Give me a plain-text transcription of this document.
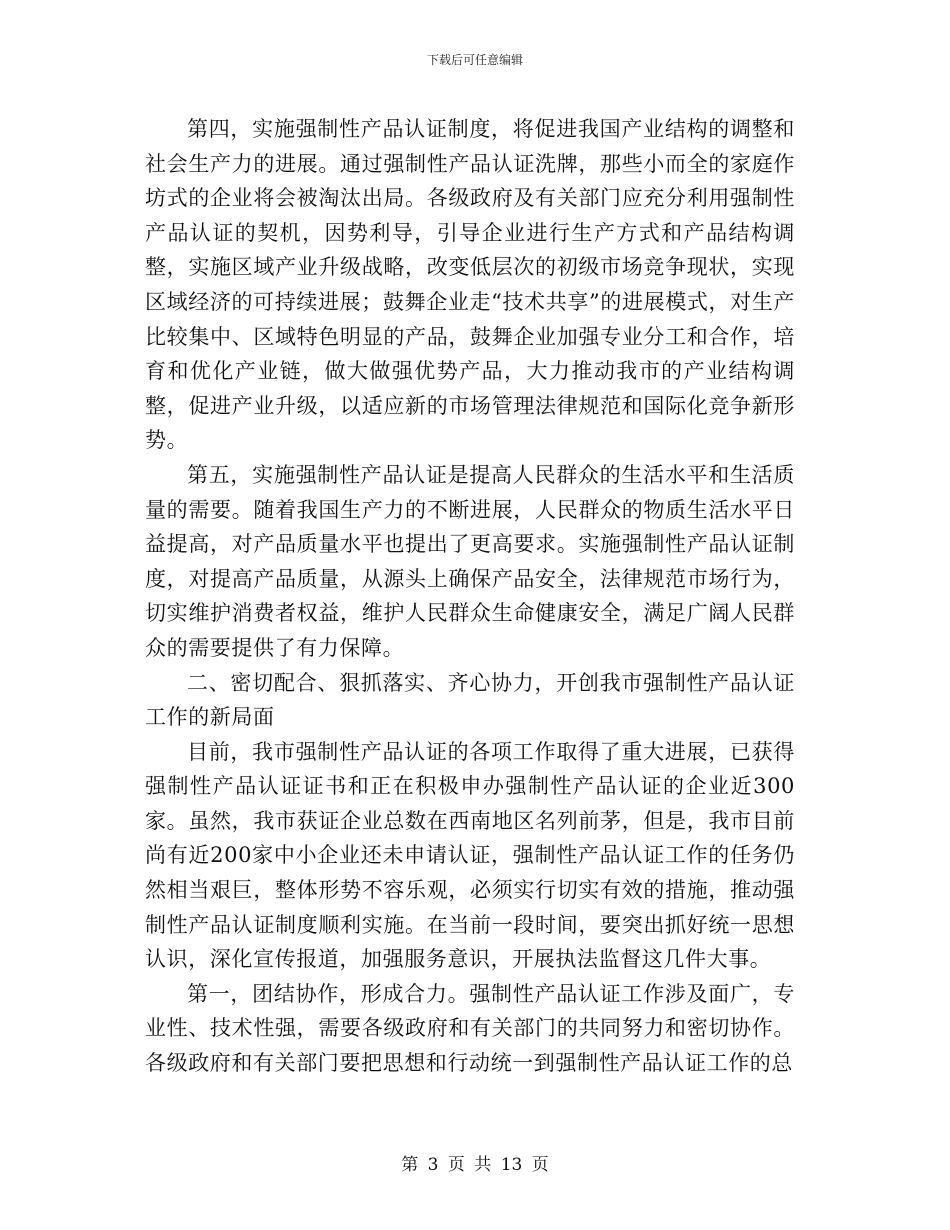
下载后可任意编辑

第四，实施强制性产品认证制度，将促进我国产业结构的调整和社会生产力的进展。通过强制性产品认证洗牌，那些小而全的家庭作坊式的企业将会被淘汰出局。各级政府及有关部门应充分利用强制性产品认证的契机，因势利导，引导企业进行生产方式和产品结构调整，实施区域产业升级战略，改变低层次的初级市场竞争现状，实现区域经济的可持续进展；鼓舞企业走“技术共享”的进展模式，对生产比较集中、区域特色明显的产品，鼓舞企业加强专业分工和合作，培育和优化产业链，做大做强优势产品，大力推动我市的产业结构调整，促进产业升级，以适应新的市场管理法律规范和国际化竞争新形势。

第五，实施强制性产品认证是提高人民群众的生活水平和生活质量的需要。随着我国生产力的不断进展，人民群众的物质生活水平日益提高，对产品质量水平也提出了更高要求。实施强制性产品认证制度，对提高产品质量，从源头上确保产品安全，法律规范市场行为，切实维护消费者权益，维护人民群众生命健康安全，满足广阔人民群众的需要提供了有力保障。

二、密切配合、狠抓落实、齐心协力，开创我市强制性产品认证工作的新局面

目前，我市强制性产品认证的各项工作取得了重大进展，已获得强制性产品认证证书和正在积极申办强制性产品认证的企业近300家。虽然，我市获证企业总数在西南地区名列前茅，但是，我市目前尚有近200家中小企业还未申请认证，强制性产品认证工作的任务仍然相当艰巨，整体形势不容乐观，必须实行切实有效的措施，推动强制性产品认证制度顺利实施。在当前一段时间，要突出抓好统一思想认识，深化宣传报道，加强服务意识，开展执法监督这几件大事。

第一，团结协作，形成合力。强制性产品认证工作涉及面广，专业性、技术性强，需要各级政府和有关部门的共同努力和密切协作。各级政府和有关部门要把思想和行动统一到强制性产品认证工作的总

第 3 页 共 13 页
